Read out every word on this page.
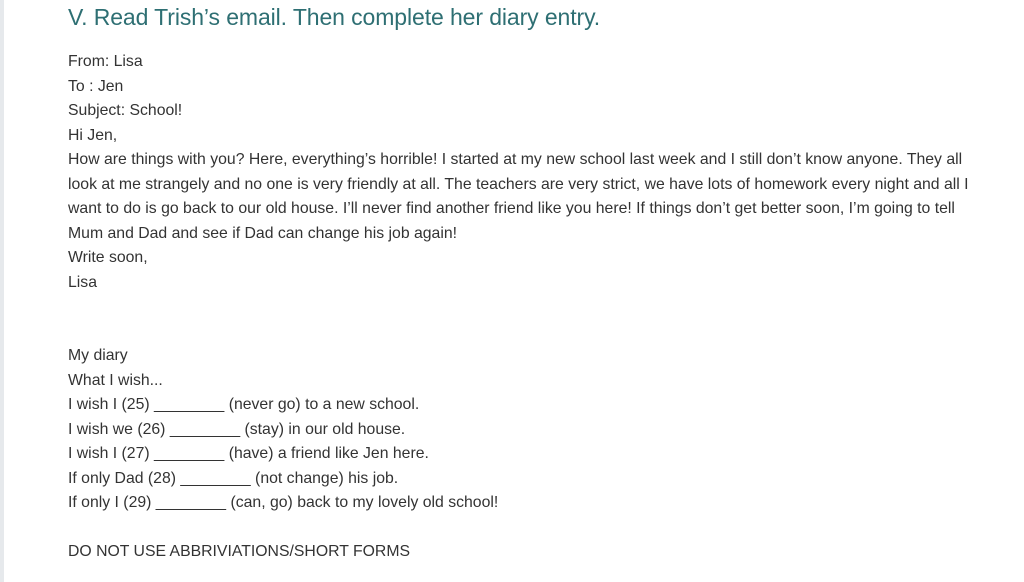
V. Read Trish’s email. Then complete her diary entry.
From: Lisa
To : Jen
Subject: School!
Hi Jen,
How are things with you? Here, everything’s horrible! I started at my new school last week and I still don’t know anyone. They all look at me strangely and no one is very friendly at all. The teachers are very strict, we have lots of homework every night and all I want to do is go back to our old house. I’ll never find another friend like you here! If things don’t get better soon, I’m going to tell Mum and Dad and see if Dad can change his job again!
Write soon,
Lisa
My diary
What I wish...
I wish I (25) ________ (never go) to a new school.
I wish we (26) ________ (stay) in our old house.
I wish I (27) ________ (have) a friend like Jen here.
If only Dad (28) ________ (not change) his job.
If only I (29) ________ (can, go) back to my lovely old school!
DO NOT USE ABBRIVIATIONS/SHORT FORMS
